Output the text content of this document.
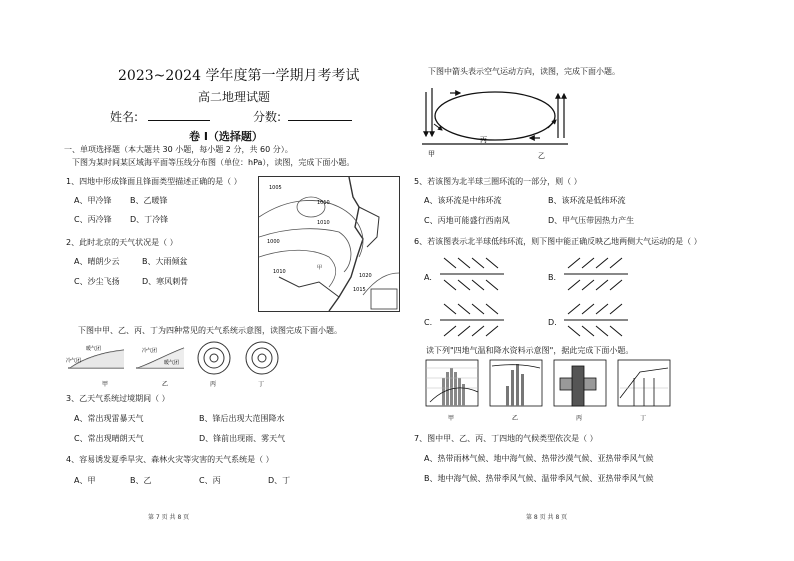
2023~2024 学年度第一学期月考考试
高二地理试题
姓名:	分数:
卷 I（选择题）
一、单项选择题（本大题共 30 小题，每小题 2 分，共 60 分）。
下图为某时间某区域海平面等压线分布图（单位：hPa），读图，完成下面小题。
1、四地中形成锋面且锋面类型描述正确的是（ ）
A、甲冷锋 B、乙暖锋
C、丙冷锋 D、丁冷锋
2、此时北京的天气状况是（ ）
A、晴朗少云	B、大雨倾盆
C、沙尘飞扬	D、寒风刺骨
1005
1010
1010
1000
1010
1015
1020
甲
下图中甲、乙、丙、丁为四种常见的天气系统示意图，读图完成下面小题。
暖气团
冷气团
冷气团
暖气团
甲	乙	丙	丁
3、乙天气系统过境期间（ ）
A、常出现雷暴天气	B、锋后出现大范围降水
C、常出现晴朗天气	D、锋前出现雨、雾天气
4、容易诱发夏季旱灾、森林火灾等灾害的天气系统是（ ）
A、甲	B、乙	C、丙	D、丁
第 7 页 共 8 页
下图中箭头表示空气运动方向，读图，完成下面小题。
甲	乙
丙
5、若该图为北半球三圈环流的一部分，则（ ）
A、该环流是中纬环流	B、该环流是低纬环流
C、丙地可能盛行西南风	D、甲气压带因热力产生
6、若该图表示北半球低纬环流，则下图中能正确反映乙地两侧大气运动的是（ ）
A.	B.
C.	D.
读下列"四地气温和降水资料示意图"，据此完成下面小题。
甲	乙	丙	丁
7、图中甲、乙、丙、丁四地的气候类型依次是（ ）
A、热带雨林气候、地中海气候、热带沙漠气候、亚热带季风气候
B、地中海气候、热带季风气候、温带季风气候、亚热带季风气候
第 8 页 共 8 页
